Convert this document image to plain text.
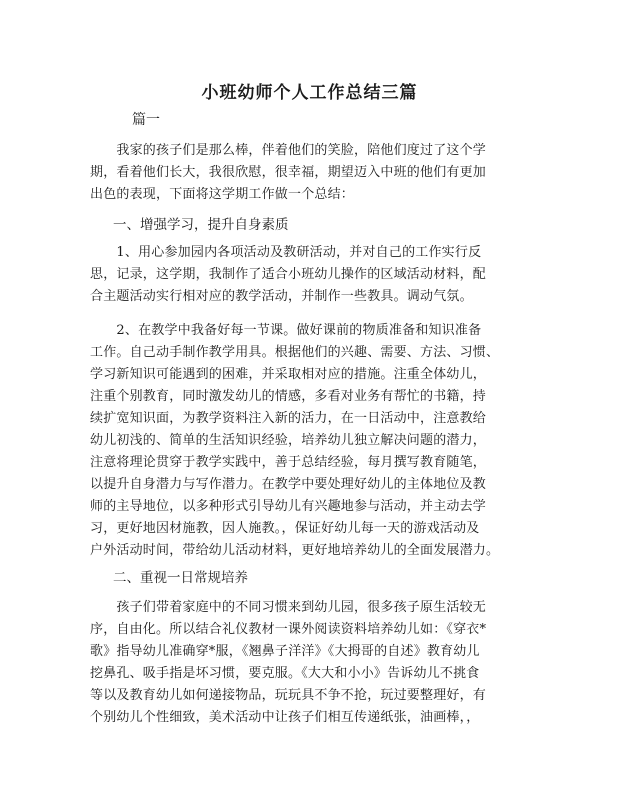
小班幼师个人工作总结三篇

篇一

　　我家的孩子们是那么棒，伴着他们的笑脸，陪他们度过了这个学
期，看着他们长大，我很欣慰，很幸福，期望迈入中班的他们有更加
出色的表现，下面将这学期工作做一个总结：

一、增强学习，提升自身素质

　　1、用心参加园内各项活动及教研活动，并对自己的工作实行反
思，记录，这学期，我制作了适合小班幼儿操作的区域活动材料，配
合主题活动实行相对应的教学活动，并制作一些教具。调动气氛。

　　2、在教学中我备好每一节课。做好课前的物质准备和知识准备
工作。自己动手制作教学用具。根据他们的兴趣、需要、方法、习惯、
学习新知识可能遇到的困难，并采取相对应的措施。注重全体幼儿，
注重个别教育，同时激发幼儿的情感，多看对业务有帮忙的书籍，持
续扩宽知识面，为教学资料注入新的活力，在一日活动中，注意教给
幼儿初浅的、简单的生活知识经验，培养幼儿独立解决问题的潜力，
注意将理论贯穿于教学实践中，善于总结经验，每月撰写教育随笔，
以提升自身潜力与写作潜力。在教学中要处理好幼儿的主体地位及教
师的主导地位，以多种形式引导幼儿有兴趣地参与活动，并主动去学
习，更好地因材施教，因人施教。，保证好幼儿每一天的游戏活动及
户外活动时间，带给幼儿活动材料，更好地培养幼儿的全面发展潜力。

二、重视一日常规培养

　　孩子们带着家庭中的不同习惯来到幼儿园，很多孩子原生活较无
序，自由化。所以结合礼仪教材一课外阅读资料培养幼儿如：《穿衣*
歌》指导幼儿准确穿*服，《翘鼻子洋洋》《大拇哥的自述》教育幼儿
挖鼻孔、吸手指是坏习惯，要克服。《大大和小小》告诉幼儿不挑食
等以及教育幼儿如何递接物品，玩玩具不争不抢，玩过要整理好，有
个别幼儿个性细致，美术活动中让孩子们相互传递纸张，油画棒，，
